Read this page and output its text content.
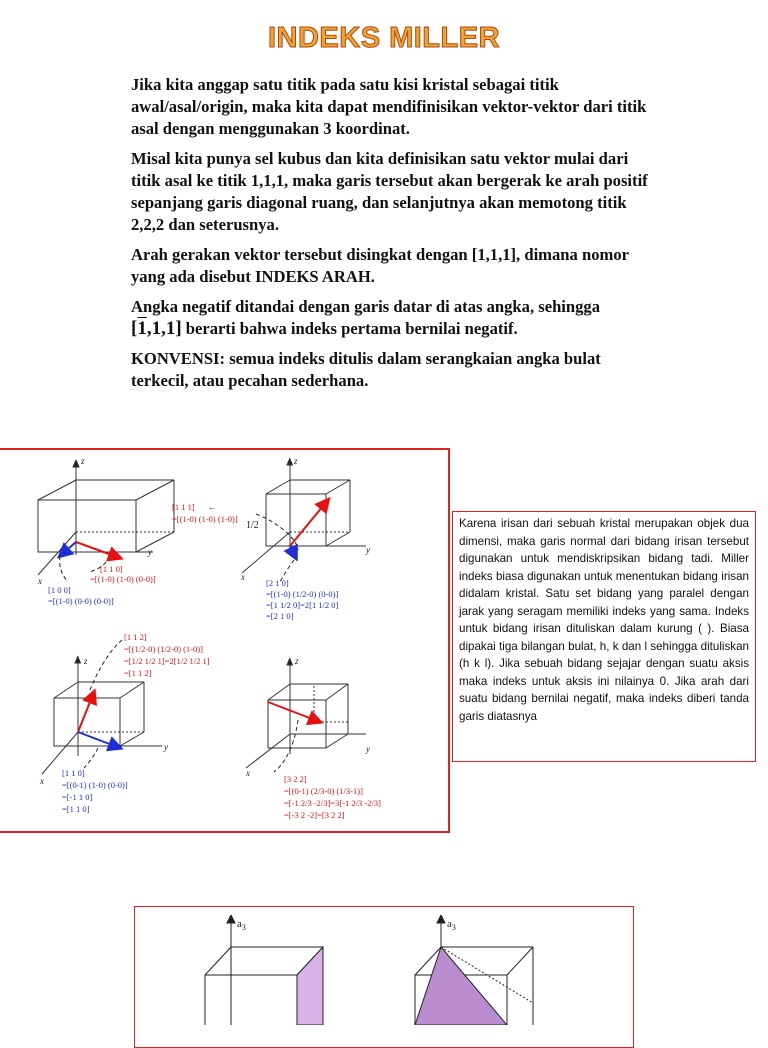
INDEKS MILLER

Jika kita anggap satu titik pada satu kisi kristal sebagai titik awal/asal/origin, maka kita dapat mendifinisikan vektor-vektor dari titik asal dengan menggunakan 3 koordinat.

Misal kita punya sel kubus dan kita definisikan satu vektor mulai dari titik asal ke titik 1,1,1, maka garis tersebut akan bergerak ke arah positif sepanjang garis diagonal ruang, dan selanjutnya akan memotong titik 2,2,2 dan seterusnya.

Arah gerakan vektor tersebut disingkat dengan [1,1,1], dimana nomor yang ada disebut INDEKS ARAH.

Angka negatif ditandai dengan garis datar di atas angka, sehingga [1,1,1] berarti bahwa indeks pertama bernilai negatif.

KONVENSI: semua indeks ditulis dalam serangkaian angka bulat terkecil, atau pecahan sederhana.

1/2
z
y
x
z
y
x
z
y
x
z
y
x
[1 1 0]
=[(1-0) (1-0) (0-0)]
[1 0 0]
=[(1-0) (0-0) (0-0)]
[1 1 1] ←
=[(1-0) (1-0) (1-0)]
[2 1 0]
=[(1-0) (1/2-0) (0-0)]
=[1 1/2 0]=2[1 1/2 0]
=[2 1 0]
[1 1 2]
=[(1/2-0) (1/2-0) (1-0)]
=[1/2 1/2 1]=2[1/2 1/2 1]
=[1 1 2]
[1 1 0]
=[(0-1) (1-0) (0-0)]
=[-1 1 0]
=[1 1 0]
[3 2 2]
=[(0-1) (2/3-0) (1/3-1)]
=[-1 2/3 -2/3]=3[-1 2/3 -2/3]
=[-3 2 -2]=[3 2 2]
Karena irisan dari sebuah kristal merupakan objek dua dimensi, maka garis normal dari bidang irisan tersebut digunakan untuk mendiskripsikan bidang tadi. Miller indeks biasa digunakan untuk menentukan bidang irisan didalam kristal. Satu set bidang yang paralel dengan jarak yang seragam memiliki indeks yang sama. Indeks untuk bidang irisan dituliskan dalam kurung ( ). Biasa dipakai tiga bilangan bulat, h, k dan l sehingga dituliskan (h k l). Jika sebuah bidang sejajar dengan suatu aksis maka indeks untuk aksis ini nilainya 0. Jika arah dari suatu bidang bernilai negatif, maka indeks diberi tanda garis diatasnya
$a_3$	$a_3$
